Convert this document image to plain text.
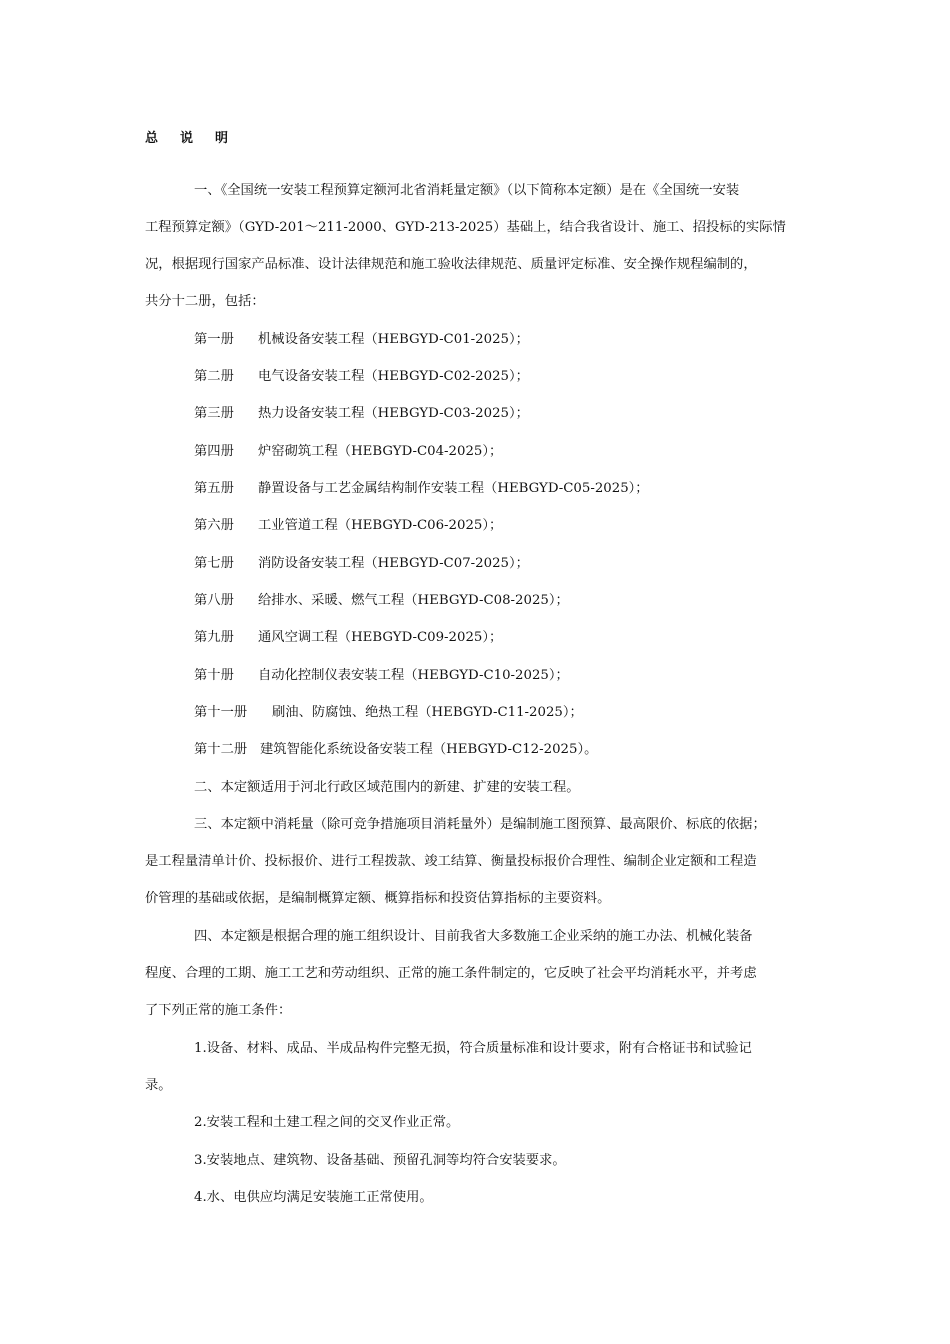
总 说 明
一、《全国统一安装工程预算定额河北省消耗量定额》（以下简称本定额）是在《全国统一安装
工程预算定额》（GYD-201～211-2000、GYD-213-2025）基础上，结合我省设计、施工、招投标的实际情
况，根据现行国家产品标准、设计法律规范和施工验收法律规范、质量评定标准、安全操作规程编制的，
共分十二册，包括：
第一册 机械设备安装工程（HEBGYD-C01-2025）；
第二册 电气设备安装工程（HEBGYD-C02-2025）；
第三册 热力设备安装工程（HEBGYD-C03-2025）；
第四册 炉窑砌筑工程（HEBGYD-C04-2025）；
第五册 静置设备与工艺金属结构制作安装工程（HEBGYD-C05-2025）；
第六册 工业管道工程（HEBGYD-C06-2025）；
第七册 消防设备安装工程（HEBGYD-C07-2025）；
第八册 给排水、采暖、燃气工程（HEBGYD-C08-2025）；
第九册 通风空调工程（HEBGYD-C09-2025）；
第十册 自动化控制仪表安装工程（HEBGYD-C10-2025）；
第十一册 刷油、防腐蚀、绝热工程（HEBGYD-C11-2025）；
第十二册 建筑智能化系统设备安装工程（HEBGYD-C12-2025）。
二、本定额适用于河北行政区域范围内的新建、扩建的安装工程。
三、本定额中消耗量（除可竞争措施项目消耗量外）是编制施工图预算、最高限价、标底的依据；
是工程量清单计价、投标报价、进行工程拨款、竣工结算、衡量投标报价合理性、编制企业定额和工程造
价管理的基础或依据，是编制概算定额、概算指标和投资估算指标的主要资料。
四、本定额是根据合理的施工组织设计、目前我省大多数施工企业采纳的施工办法、机械化装备
程度、合理的工期、施工工艺和劳动组织、正常的施工条件制定的，它反映了社会平均消耗水平，并考虑
了下列正常的施工条件：
1.设备、材料、成品、半成品构件完整无损，符合质量标准和设计要求，附有合格证书和试验记
录。
2.安装工程和土建工程之间的交叉作业正常。
3.安装地点、建筑物、设备基础、预留孔洞等均符合安装要求。
4.水、电供应均满足安装施工正常使用。
